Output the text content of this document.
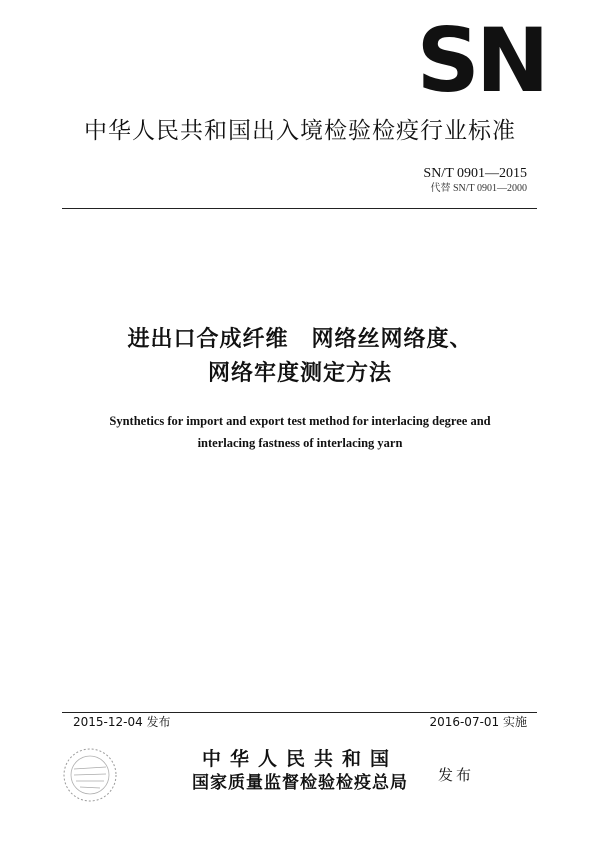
SN
中华人民共和国出入境检验检疫行业标准
SN/T 0901—2015
代替 SN/T 0901—2000
进出口合成纤维　网络丝网络度、
网络牢度测定方法
Synthetics for import and export test method for interlacing degree and
interlacing fastness of interlacing yarn
2015-12-04 发布	2016-07-01 实施
中华人民共和国
国家质量监督检验检疫总局	发布
